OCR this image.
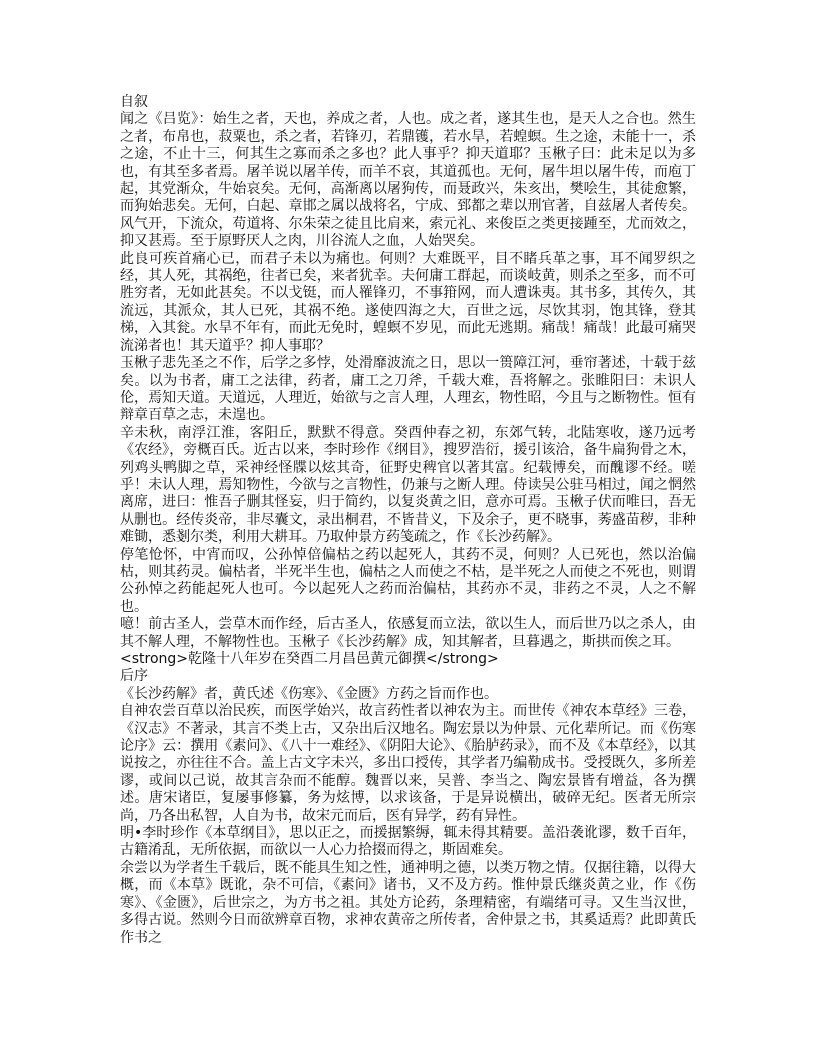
自叙

闻之《吕览》：始生之者，天也，养成之者，人也。成之者，遂其生也，是天人之合也。然生之者，布帛也，菽粟也，杀之者，若锋刃，若鼎镬，若水旱，若蝗螟。生之途，未能十一，杀之途，不止十三，何其生之寡而杀之多也？此人事乎？抑天道耶？玉楸子曰：此未足以为多也，有其至多者焉。屠羊说以屠羊传，而羊不哀，其道孤也。无何，屠牛坦以屠牛传，而庖丁起，其党渐众，牛始哀矣。无何，高渐离以屠狗传，而聂政兴，朱亥出，樊哙生，其徒愈繁，而狗始悲矣。无何，白起、章邯之属以战将名，宁成、郅都之辈以刑官著，自兹屠人者传矣。风气开，下流众，苟道将、尔朱荣之徒且比肩来，索元礼、来俊臣之类更接踵至，尤而效之，抑又甚焉。至于原野厌人之肉，川谷流人之血，人始哭矣。

此良可疾首痛心已，而君子未以为痛也。何则？大难既平，目不睹兵革之事，耳不闻罗织之经，其人死，其祸绝，往者已矣，来者犹幸。夫何庸工群起，而谈岐黄，则杀之至多，而不可胜穷者，无如此甚矣。不以戈铤，而人罹锋刃，不事箝网，而人遭诛夷。其书多，其传久，其流远，其派众，其人已死，其祸不绝。遂使四海之大，百世之远，尽饮其羽，饱其锋，登其梯，入其瓮。水旱不年有，而此无免时，蝗螟不岁见，而此无逃期。痛哉！痛哉！此最可痛哭流涕者也！其天道乎？抑人事耶？

玉楸子悲先圣之不作，后学之多悖，处滑靡波流之日，思以一篑障江河，垂帘著述，十载于兹矣。以为书者，庸工之法律，药者，庸工之刀斧，千载大难，吾将解之。张睢阳曰：未识人伦，焉知天道。天道远，人理近，始欲与之言人理，人理玄，物性昭，今且与之断物性。恒有辩章百草之志，未遑也。

辛未秋，南浮江淮，客阳丘，默默不得意。癸酉仲春之初，东郊气转，北陆寒收，遂乃远考《农经》，旁概百氏。近古以来，李时珍作《纲目》，搜罗浩衍，援引该洽，备牛扁狗骨之木，列鸡头鸭脚之草，采神经怪牒以炫其奇，征野史稗官以著其富。纪载博矣，而醜谬不经。嗟乎！未认人理，焉知物性，今欲与之言物性，仍兼与之断人理。侍读吴公驻马相过，闻之惘然离席，进曰：惟吾子删其怪妄，归于简约，以复炎黄之旧，意亦可焉。玉楸子伏而唯曰，吾无从删也。经传炎帝，非尽囊文，录出桐君，不皆昔义，下及余子，更不晓事，莠盛苗秽，非种难锄，悉剗尔类，利用大耕耳。乃取仲景方药笺疏之，作《长沙药解》。

停笔怆怀，中宵而叹，公孙悼倍偏枯之药以起死人，其药不灵，何则？人已死也，然以治偏枯，则其药灵。偏枯者，半死半生也，偏枯之人而使之不枯，是半死之人而使之不死也，则谓公孙悼之药能起死人也可。今以起死人之药而治偏枯，其药亦不灵，非药之不灵，人之不解也。

噫！前古圣人，尝草木而作经，后古圣人，依感复而立法，欲以生人，而后世乃以之杀人，由其不解人理，不解物性也。玉楸子《长沙药解》成，知其解者，旦暮遇之，斯拱而俟之耳。

<strong>乾隆十八年岁在癸酉二月昌邑黄元御撰</strong>

后序

《长沙药解》者，黄氏述《伤寒》、《金匮》方药之旨而作也。

自神农尝百草以治民疾，而医学始兴，故言药性者以神农为主。而世传《神农本草经》三卷，《汉志》不著录，其言不类上古，又杂出后汉地名。陶宏景以为仲景、元化辈所记。而《伤寒论序》云：撰用《素问》、《八十一难经》、《阴阳大论》、《胎胪药录》，而不及《本草经》，以其说按之，亦往往不合。盖上古文字未兴，多出口授传，其学者乃编勒成书。受授既久，多所差谬，或间以己说，故其言杂而不能醇。魏晋以来，吴普、李当之、陶宏景皆有增益，各为撰述。唐宋诸臣，复屡事修纂，务为炫博，以求该备，于是异说横出，破碎无纪。医者无所宗尚，乃各出私智，人自为书，故宋元而后，医有异学，药有异性。

明•李时珍作《本草纲目》，思以正之，而援据繁缛，辄未得其精要。盖沿袭讹谬，数千百年，古籍淆乱，无所依据，而欲以一人心力拾掇而得之，斯固难矣。

余尝以为学者生千载后，既不能具生知之性，通神明之德，以类万物之情。仅据往籍，以得大概，而《本草》既讹，杂不可信，《素问》诸书，又不及方药。惟仲景氏继炎黄之业，作《伤寒》、《金匮》，后世宗之，为方书之祖。其处方论药，条理精密，有端绪可寻。又生当汉世，多得古说。然则今日而欲辨章百物，求神农黄帝之所传者，舍仲景之书，其奚适焉？此即黄氏作书之
